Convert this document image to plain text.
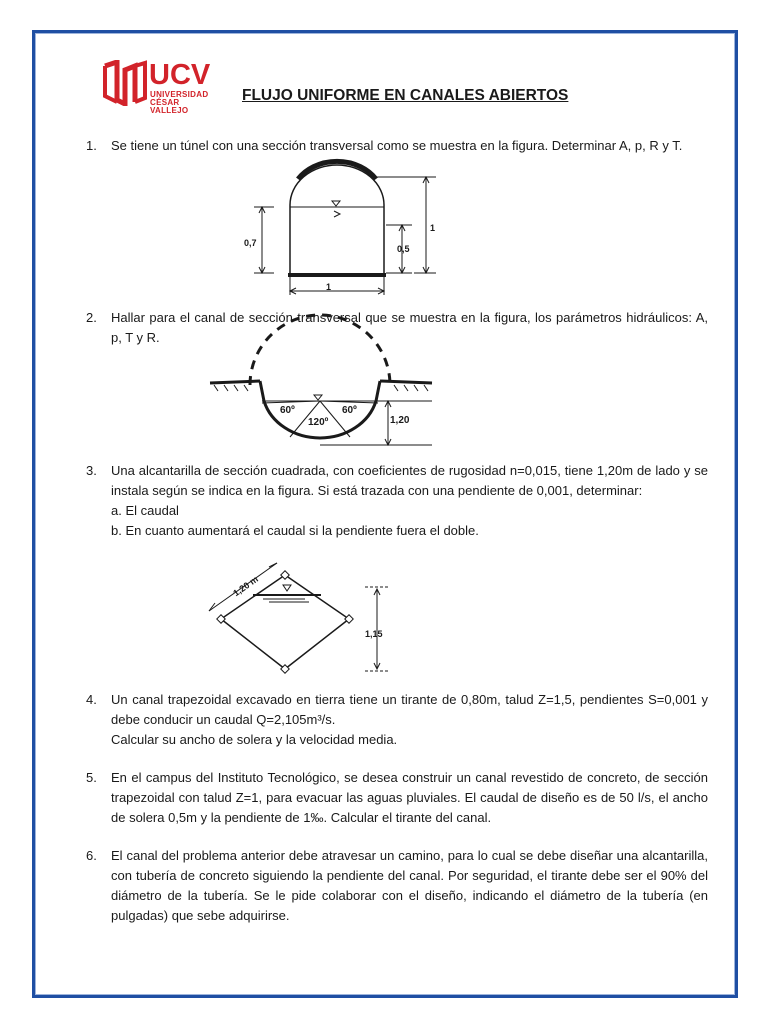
UCV
UNIVERSIDAD
CÉSAR VALLEJO
FLUJO UNIFORME EN CANALES ABIERTOS
1. Se tiene un túnel con una sección transversal como se muestra en la figura. Determinar A, p, R y T.
0,7
0,5
1
1
2. Hallar para el canal de sección transversal que se muestra en la figura, los parámetros hidráulicos: A, p, T y R.
60º	60º
120º	1,20
3. Una alcantarilla de sección cuadrada, con coeficientes de rugosidad n=0,015, tiene 1,20m de lado y se instala según se indica en la figura. Si está trazada con una pendiente de 0,001, determinar:
a. El caudal
b. En cuanto aumentará el caudal si la pendiente fuera el doble.
1,20 m
1,15
4. Un canal trapezoidal excavado en tierra tiene un tirante de 0,80m, talud Z=1,5, pendientes S=0,001 y debe conducir un caudal Q=2,105m³/s.
Calcular su ancho de solera y la velocidad media.
5. En el campus del Instituto Tecnológico, se desea construir un canal revestido de concreto, de sección trapezoidal con talud Z=1, para evacuar las aguas pluviales. El caudal de diseño es de 50 l/s, el ancho de solera 0,5m y la pendiente de 1‰. Calcular el tirante del canal.
6. El canal del problema anterior debe atravesar un camino, para lo cual se debe diseñar una alcantarilla, con tubería de concreto siguiendo la pendiente del canal. Por seguridad, el tirante debe ser el 90% del diámetro de la tubería. Se le pide colaborar con el diseño, indicando el diámetro de la tubería (en pulgadas) que sebe adquirirse.
